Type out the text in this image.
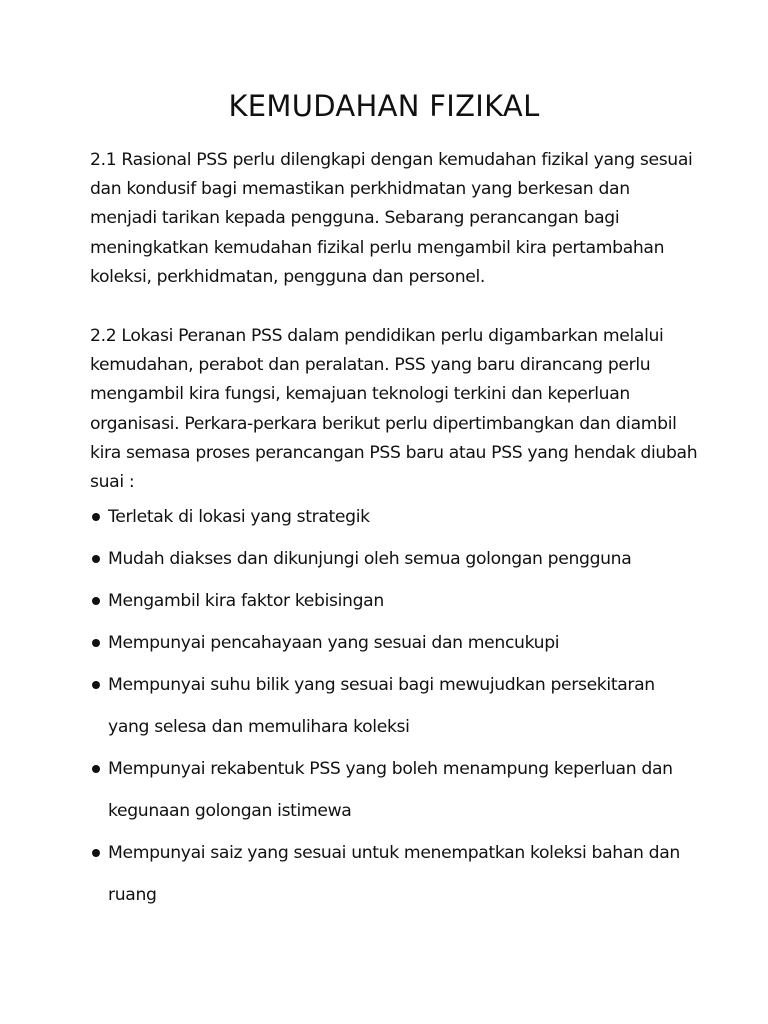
KEMUDAHAN FIZIKAL

2.1 Rasional PSS perlu dilengkapi dengan kemudahan fizikal yang sesuai
dan kondusif bagi memastikan perkhidmatan yang berkesan dan
menjadi tarikan kepada pengguna. Sebarang perancangan bagi
meningkatkan kemudahan fizikal perlu mengambil kira pertambahan
koleksi, perkhidmatan, pengguna dan personel.

2.2 Lokasi Peranan PSS dalam pendidikan perlu digambarkan melalui
kemudahan, perabot dan peralatan. PSS yang baru dirancang perlu
mengambil kira fungsi, kemajuan teknologi terkini dan keperluan
organisasi. Perkara-perkara berikut perlu dipertimbangkan dan diambil
kira semasa proses perancangan PSS baru atau PSS yang hendak diubah
suai :

Terletak di lokasi yang strategik
Mudah diakses dan dikunjungi oleh semua golongan pengguna
Mengambil kira faktor kebisingan
Mempunyai pencahayaan yang sesuai dan mencukupi
Mempunyai suhu bilik yang sesuai bagi mewujudkan persekitaran
yang selesa dan memulihara koleksi
Mempunyai rekabentuk PSS yang boleh menampung keperluan dan
kegunaan golongan istimewa
Mempunyai saiz yang sesuai untuk menempatkan koleksi bahan dan
ruang
